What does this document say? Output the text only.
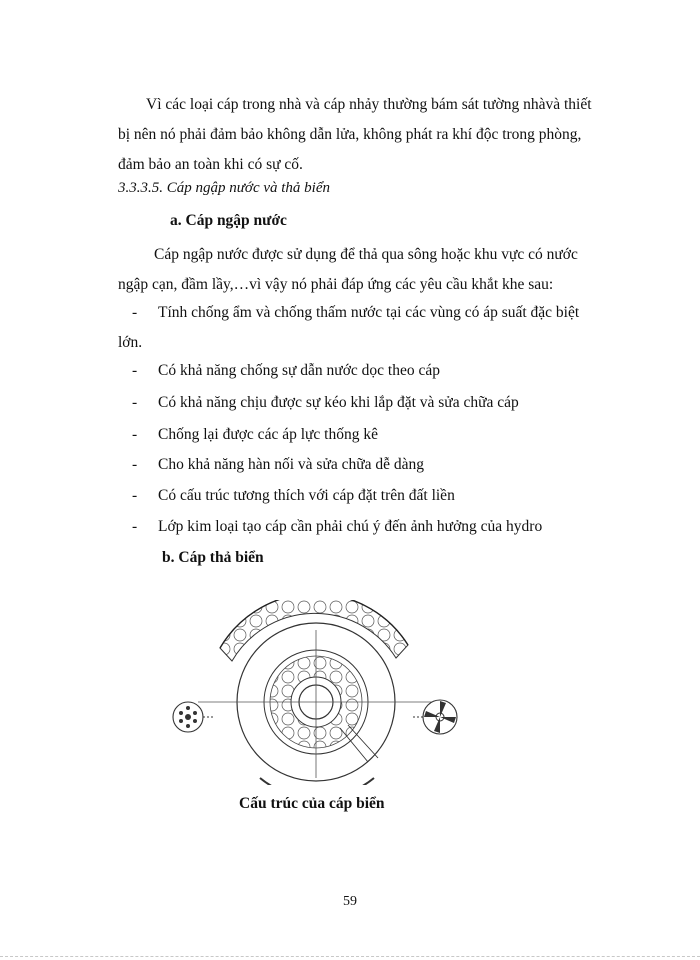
Vì các loại cáp trong nhà và cáp nhảy thường bám sát tường nhàvà thiết
bị nên nó phải đảm bảo không dẫn lửa, không phát ra khí độc trong phòng,
đảm bảo an toàn khi có sự cố.

3.3.3.5. Cáp ngập nước và thả biển

a. Cáp ngập nước

Cáp ngập nước được sử dụng để thả qua sông hoặc khu vực có nước
ngập cạn, đầm lầy,…vì vậy nó phải đáp ứng các yêu cầu khắt khe sau:
- Tính chống ẩm và chống thấm nước tại các vùng có áp suất đặc biệt
lớn.
- Có khả năng chống sự dẫn nước dọc theo cáp
- Có khả năng chịu được sự kéo khi lắp đặt và sửa chữa cáp
- Chống lại được các áp lực thống kê
- Cho khả năng hàn nối và sửa chữa dễ dàng
- Có cấu trúc tương thích với cáp đặt trên đất liền
- Lớp kim loại tạo cáp cần phải chú ý đến ảnh hưởng của hydro

b. Cáp thả biển

Cấu trúc của cáp biển

59
